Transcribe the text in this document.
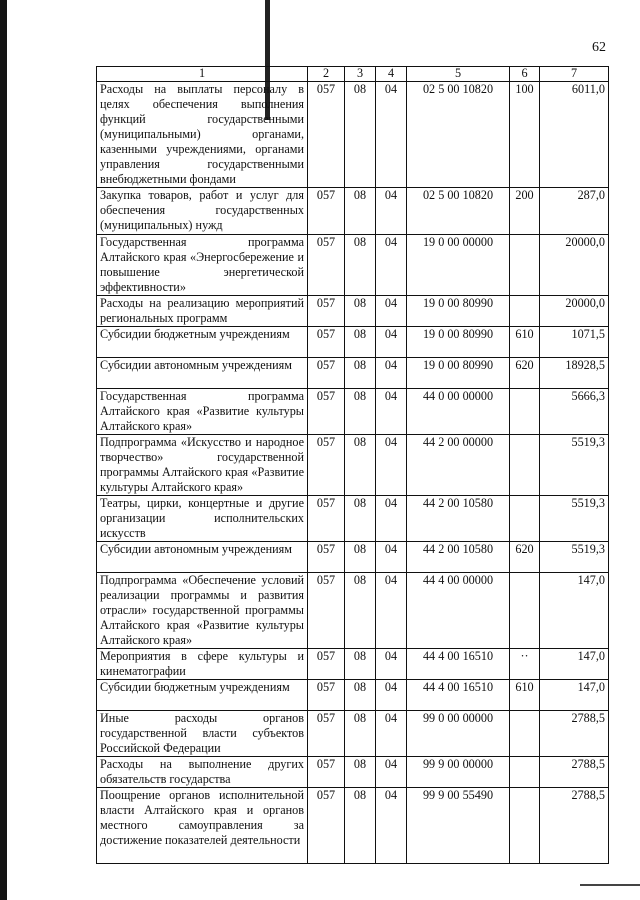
62
1	2	3	4	5	6	7
Расходы на выплаты персоналу в целях обеспечения выполнения функций государственными (муниципальными) органами, казенными учреждениями, органами управления государственными внебюджетными фондами	057	08	04	02 5 00 10820	100	6011,0
Закупка товаров, работ и услуг для обеспечения государственных (муниципальных) нужд	057	08	04	02 5 00 10820	200	287,0
Государственная программа Алтайского края «Энергосбережение и повышение энергетической эффективности»	057	08	04	19 0 00 00000		20000,0
Расходы на реализацию мероприятий региональных программ	057	08	04	19 0 00 80990		20000,0
Субсидии бюджетным учреждениям	057	08	04	19 0 00 80990	610	1071,5
Субсидии автономным учреждениям	057	08	04	19 0 00 80990	620	18928,5
Государственная программа Алтайского края «Развитие культуры Алтайского края»	057	08	04	44 0 00 00000		5666,3
Подпрограмма «Искусство и народное творчество» государственной программы Алтайского края «Развитие культуры Алтайского края»	057	08	04	44 2 00 00000		5519,3
Театры, цирки, концертные и другие организации исполнительских искусств	057	08	04	44 2 00 10580		5519,3
Субсидии автономным учреждениям	057	08	04	44 2 00 10580	620	5519,3
Подпрограмма «Обеспечение условий реализации программы и развития отрасли» государственной программы Алтайского края «Развитие культуры Алтайского края»	057	08	04	44 4 00 00000		147,0
Мероприятия в сфере культуры и кинематографии	057	08	04	44 4 00 16510	··	147,0
Субсидии бюджетным учреждениям	057	08	04	44 4 00 16510	610	147,0
Иные расходы органов государственной власти субъектов Российской Федерации	057	08	04	99 0 00 00000		2788,5
Расходы на выполнение других обязательств государства	057	08	04	99 9 00 00000		2788,5
Поощрение органов исполнительной власти Алтайского края и органов местного самоуправления за достижение показателей деятельности	057	08	04	99 9 00 55490		2788,5
